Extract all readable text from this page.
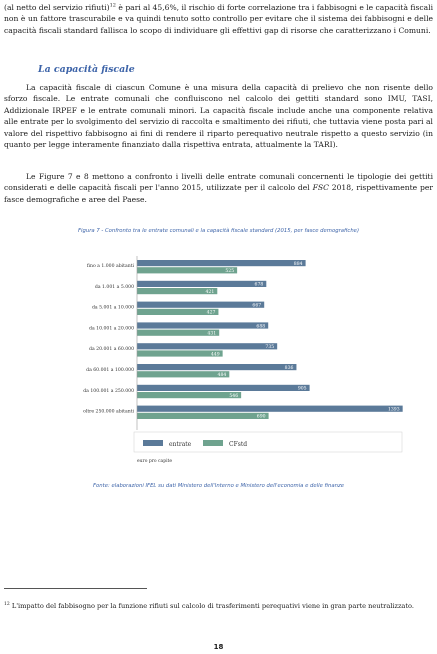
(al netto del servizio rifiuti)$^{12}$ è pari al 45,6%, il rischio di forte correlazione tra i fabbisogni e le capacità fiscali non è un fattore trascurabile e va quindi tenuto sotto controllo per evitare che il sistema dei fabbisogni e delle capacità fiscali standard fallisca lo scopo di individuare gli effettivi gap di risorse che caratterizzano i Comuni.
La capacità fiscale
La capacità fiscale di ciascun Comune è una misura della capacità di prelievo che non risente dello sforzo fiscale. Le entrate comunali che confluiscono nel calcolo dei gettiti standard sono IMU, TASI, Addizionale IRPEF e le entrate comunali minori. La capacità fiscale include anche una componente relativa alle entrate per lo svolgimento del servizio di raccolta e smaltimento dei rifiuti, che tuttavia viene posta pari al valore del rispettivo fabbisogno ai fini di rendere il riparto perequativo neutrale rispetto a questo servizio (in quanto per legge interamente finanziato dalla rispettiva entrata, attualmente la TARI).
Le Figure 7 e 8 mettono a confronto i livelli delle entrate comunali concernenti le tipologie dei gettiti considerati e delle capacità fiscali per l'anno 2015, utilizzate per il calcolo del FSC 2018, rispettivamente per fasce demografiche e aree del Paese.
Figura 7 - Confronto tra le entrate comunali e la capacità fiscale standard (2015, per fasce demografiche)
fino a 1.000 abitanti	884
525
da 1.001 a 5.000	678
421
da 5.001 a 10.000	667
427
da 10.001 a 20.000	688
431
da 20.001 a 60.000	735
449
da 60.001 a 100.000	836
484
da 100.001 a 250.000	905
546
oltre 250.000 abitanti	1393
690
entrate	CFstd
euro pro capite
Fonte: elaborazioni IFEL su dati Ministero dell'Interno e Ministero dell'economia e delle finanze
$^{12}$ L'impatto del fabbisogno per la funzione rifiuti sul calcolo di trasferimenti perequativi viene in gran parte neutralizzato.
18
